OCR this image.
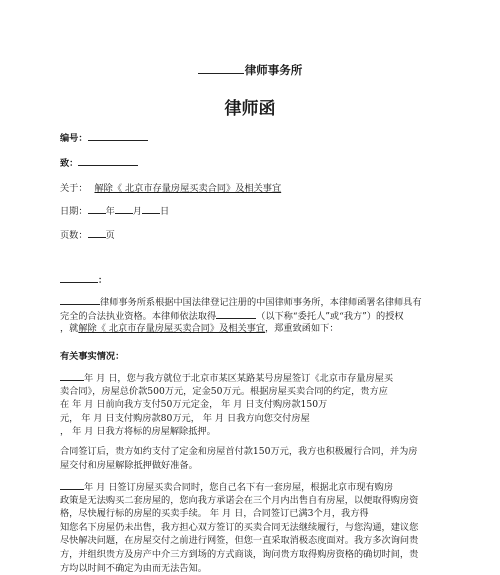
律师事务所
律师函
编号：
致：
关于： 解除《 北京市存量房屋买卖合同》及相关事宜
日期： 年 月 日
页数： 页
：
律师事务所系根据中国法律登记注册的中国律师事务所，本律师函署名律师具有
完全的合法执业资格。本律师依法取得	（以下称“委托人”或“我方”）的授权
，就解除《 北京市存量房屋买卖合同》及相关事宜，郑重致函如下：
有关事实情况：
年 月 日，您与我方就位于北京市某区某路某号房屋签订《北京市存量房屋买
卖合同》，房屋总价款500万元，定金50万元。根据房屋买卖合同的约定，贵方应
在 年 月 日前向我方支付50万元定金， 年 月 日支付购房款150万
元， 年 月 日支付购房款80万元， 年 月 日我方向您交付房屋
， 年 月 日我方将标的房屋解除抵押。
合同签订后，贵方如约支付了定金和房屋首付款150万元，我方也积极履行合同，并为房
屋交付和房屋解除抵押做好准备。
年 月 日签订房屋买卖合同时，您自己名下有一套房屋，根据北京市现有购房
政策是无法购买二套房屋的，您向我方承诺会在三个月内出售自有房屋，以便取得购房资
格，尽快履行标的房屋的买卖手续。 年 月 日，合同签订已满3个月，我方得
知您名下房屋仍未出售，我方担心双方签订的买卖合同无法继续履行，与您沟通，建议您
尽快解决问题，在房屋交付之前进行网签，但您一直采取消极态度面对。我方多次询问贵
方，并组织贵方及房产中介三方到场的方式商谈，询问贵方取得购房资格的确切时间，贵
方均以时间不确定为由而无法告知。
